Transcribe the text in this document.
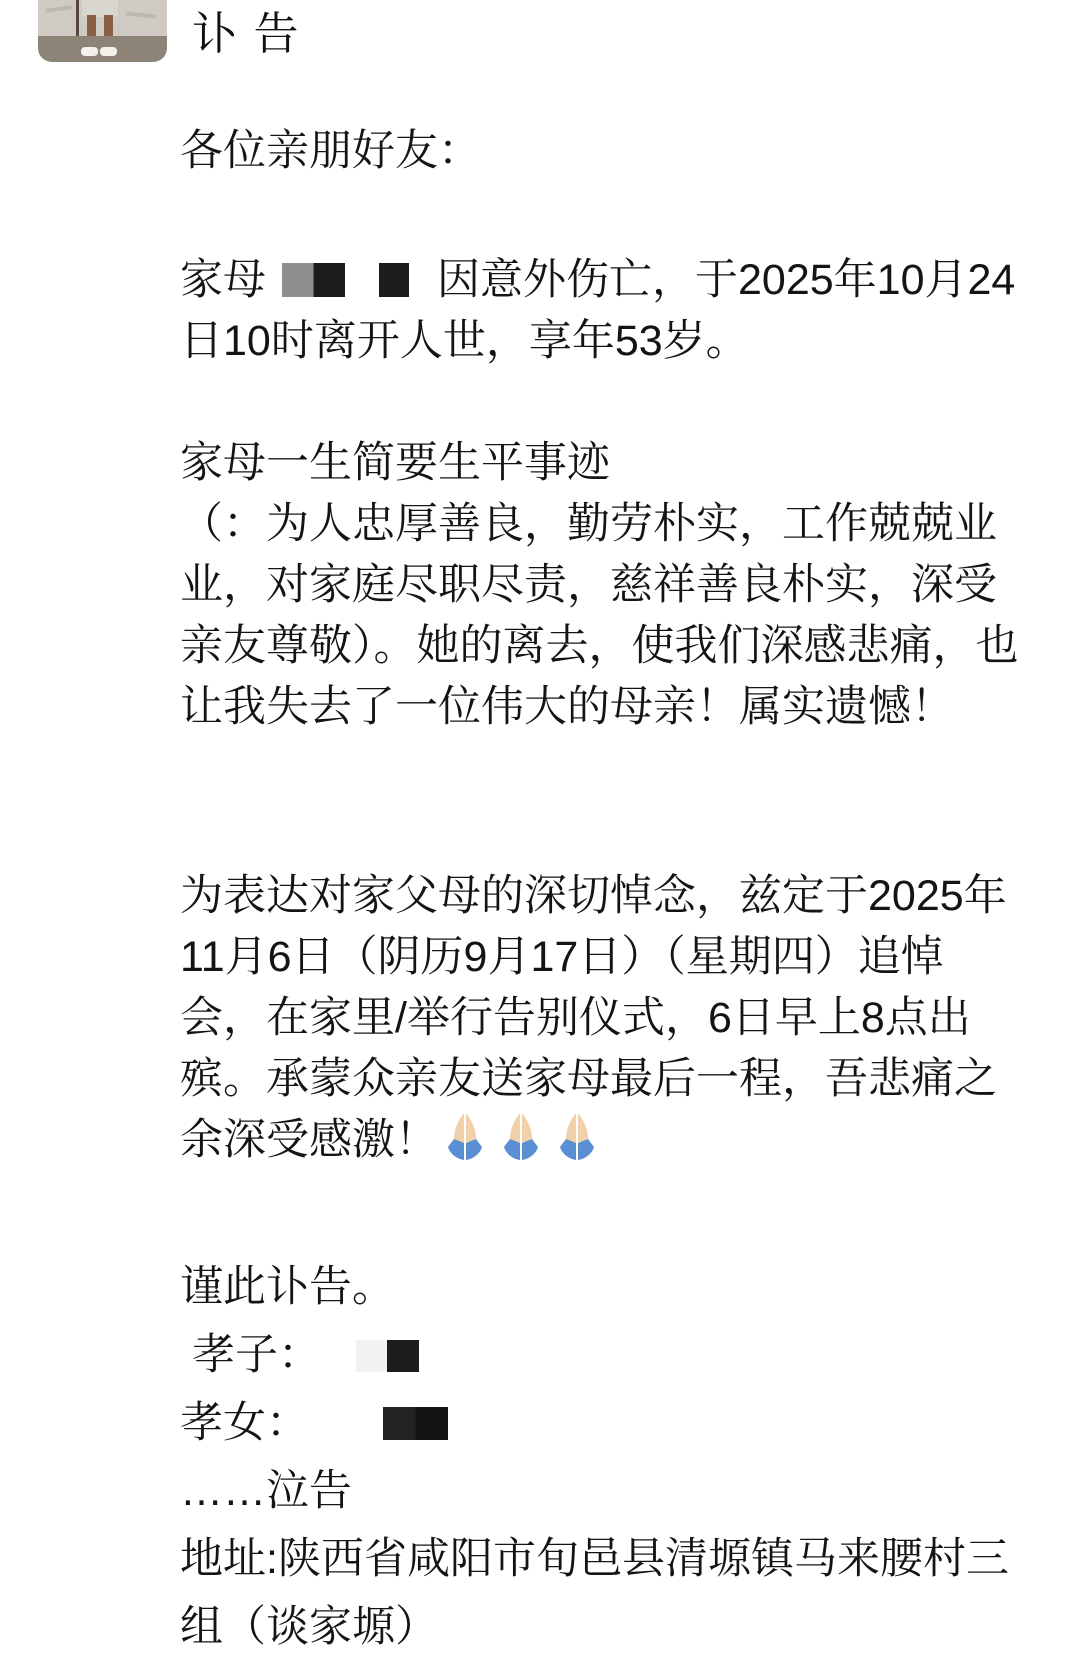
讣 告
各位亲朋好友：
家母	因意外伤亡，于2025年10月24日10时离开人世，享年53岁。
家母一生简要生平事迹
（：为人忠厚善良，勤劳朴实，工作兢兢业业，对家庭尽职尽责，慈祥善良朴实，深受亲友尊敬）。她的离去，使我们深感悲痛，也让我失去了一位伟大的母亲！属实遗憾！
为表达对家父母的深切悼念，兹定于2025年11月6日（阴历9月17日）（星期四）追悼会，在家里/举行告别仪式，6日早上8点出殡。承蒙众亲友送家母最后一程，吾悲痛之余深受感激！
谨此讣告。
孝子：
孝女：
……泣告
地址:陕西省咸阳市旬邑县清塬镇马来腰村三组（谈家塬）
